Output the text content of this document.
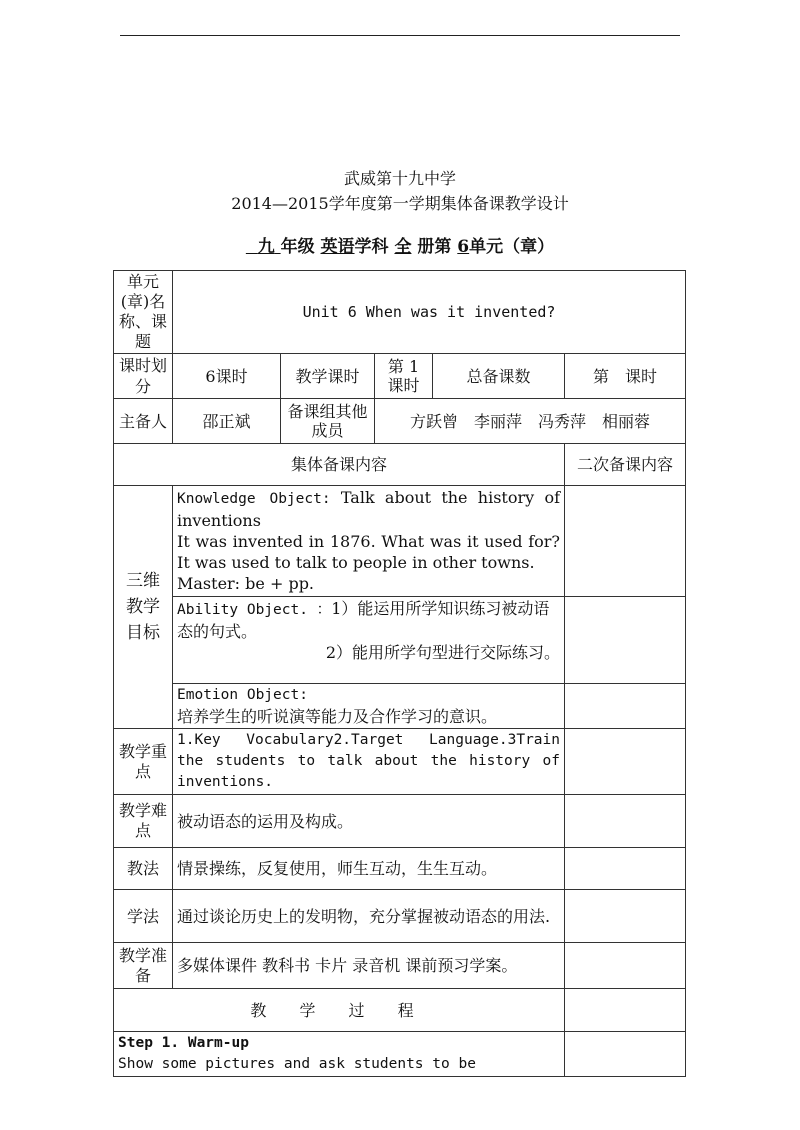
武威第十九中学
2014—2015学年度第一学期集体备课教学设计
九 年级 英语学科 全 册第 6单元（章）
单元(章)名称、课题	Unit 6 When was it invented?				
课时划分	6课时	教学课时	第 1 课时	总备课数	第　课时
主备人	邵正斌	备课组其他成员	方跃曾　李丽萍　冯秀萍　相丽蓉		
集体备课内容					二次备课内容
三维教学目标	Knowledge Object: Talk about the history of inventions
It was invented in 1876. What was it used for?It was used to talk to people in other towns.
Master: be + pp.				
	Ability Object. ：1）能运用所学知识练习被动语态的句式。

2）能用所学句型进行交际练习。				

	Emotion Object:
培养学生的听说演等能力及合作学习的意识。				

教学重点	1.Key Vocabulary2.Target Language.3Train the students to talk about the history of inventions.				
教学难点	被动语态的运用及构成。				
教法	情景操练，反复使用，师生互动，生生互动。				
学法	通过谈论历史上的发明物，充分掌握被动语态的用法.				
教学准备	多媒体课件 教科书 卡片 录音机 课前预习学案。				
教 学 过 程					

Step 1. Warm-up
Show some pictures and ask students to be					
